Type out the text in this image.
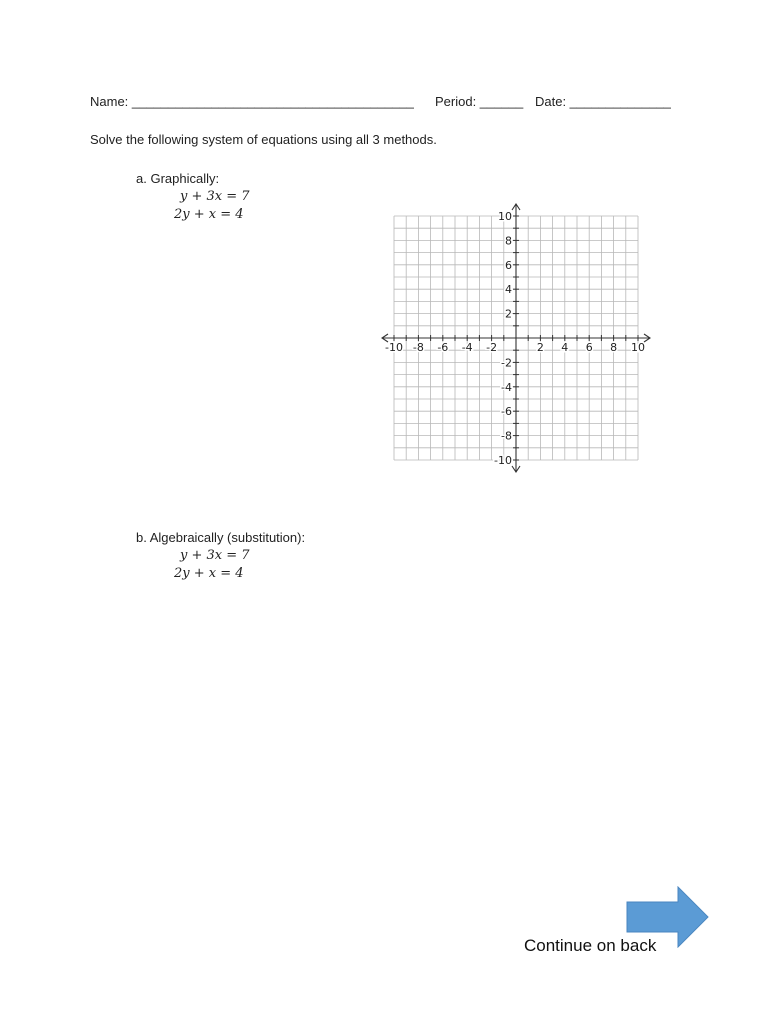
Name: _______________________________________ Period: ______ Date: ______________
Solve the following system of equations using all 3 methods.
a. Graphically:
y + 3x = 7
2y + x = 4
-10 -8 -6 -4 -2	2 4 6 8 10
10
8
6
4
2
-2
-4
-6
-8
-10
b. Algebraically (substitution):
y + 3x = 7
2y + x = 4
Continue on back
